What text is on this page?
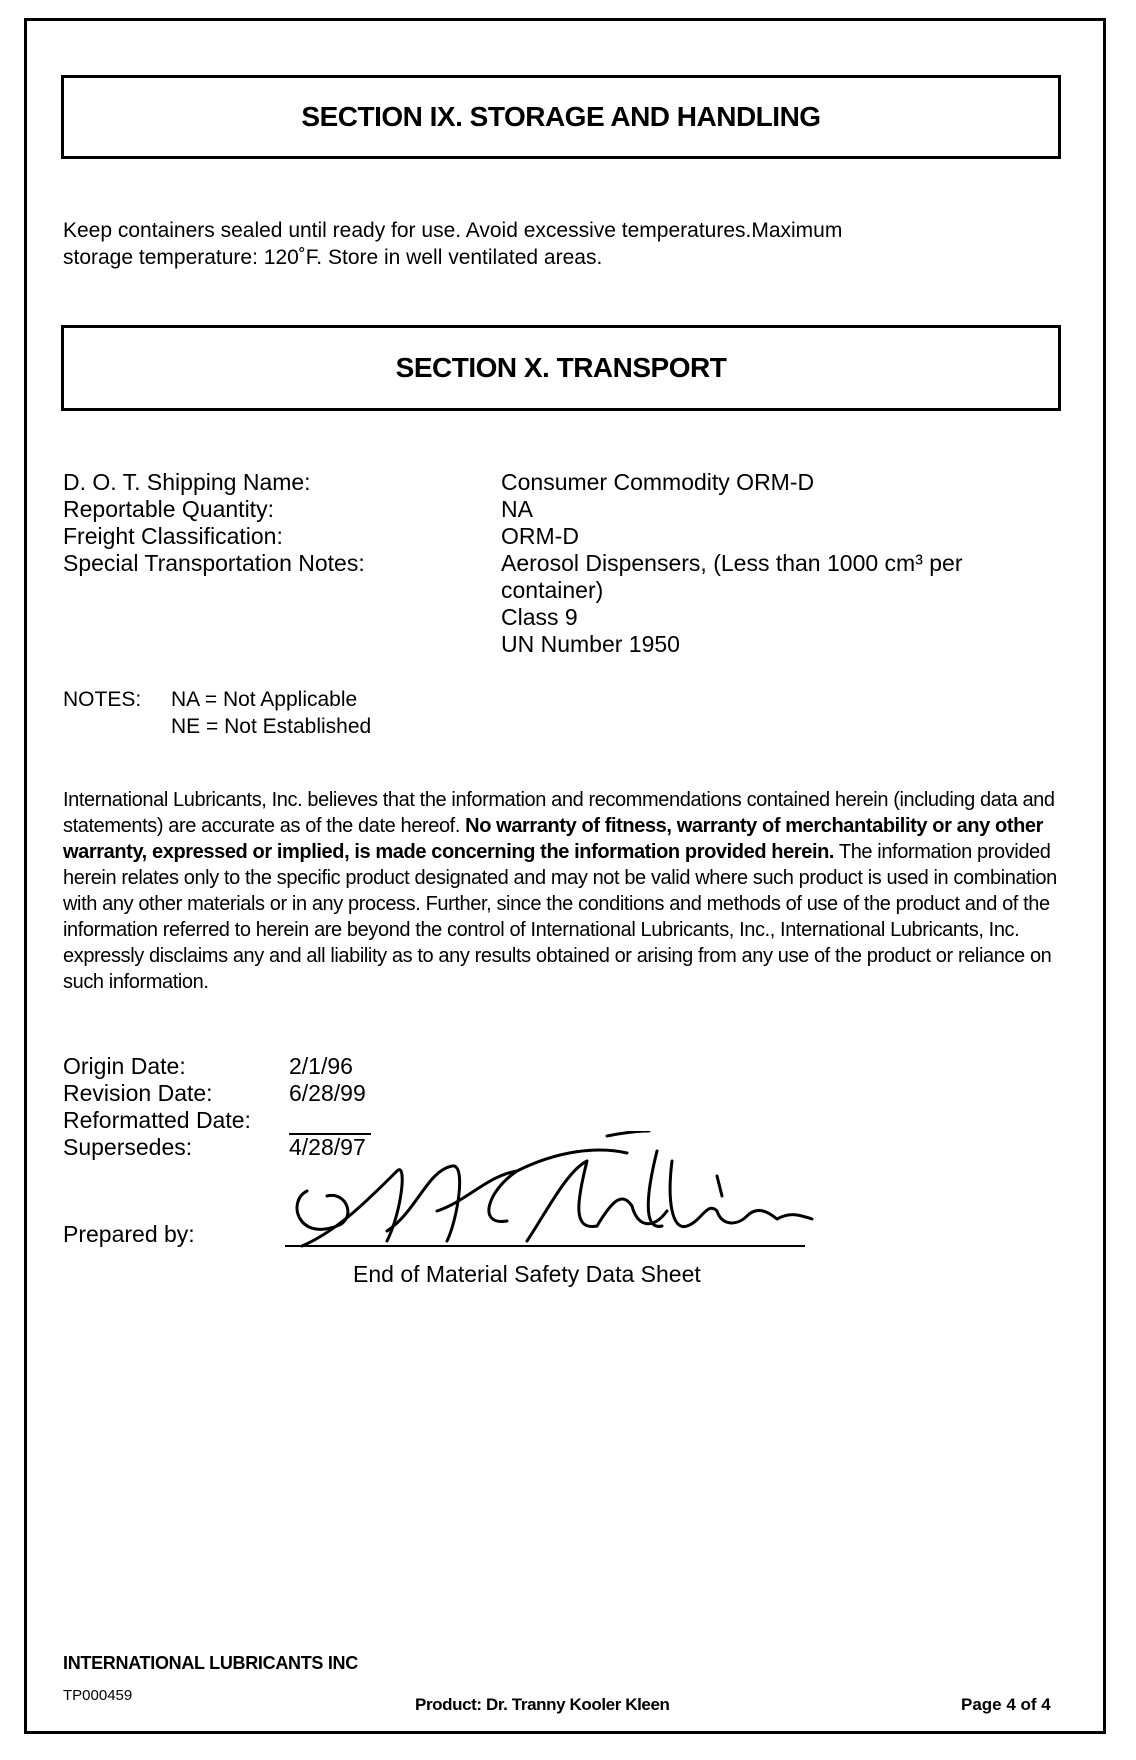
SECTION IX. STORAGE AND HANDLING
Keep containers sealed until ready for use. Avoid excessive temperatures.Maximum
storage temperature: 120˚F. Store in well ventilated areas.
SECTION X. TRANSPORT
D. O. T. Shipping Name:	Consumer Commodity ORM-D
Reportable Quantity:	NA
Freight Classification:	ORM-D
Special Transportation Notes:	Aerosol Dispensers, (Less than 1000 cm³ per
container)
Class 9
UN Number 1950
NOTES: NA = Not Applicable
NE = Not Established
International Lubricants, Inc. believes that the information and recommendations contained herein (including data and statements) are accurate as of the date hereof. No warranty of fitness, warranty of merchantability or any other warranty, expressed or implied, is made concerning the information provided herein. The information provided herein relates only to the specific product designated and may not be valid where such product is used in combination with any other materials or in any process. Further, since the conditions and methods of use of the product and of the information referred to herein are beyond the control of International Lubricants, Inc., International Lubricants, Inc. expressly disclaims any and all liability as to any results obtained or arising from any use of the product or reliance on such information.
Origin Date:	2/1/96
Revision Date:	6/28/99
Reformatted Date:
Supersedes:	4/28/97
Prepared by:
End of Material Safety Data Sheet
INTERNATIONAL LUBRICANTS INC
TP000459	Product: Dr. Tranny Kooler Kleen	Page 4 of 4
